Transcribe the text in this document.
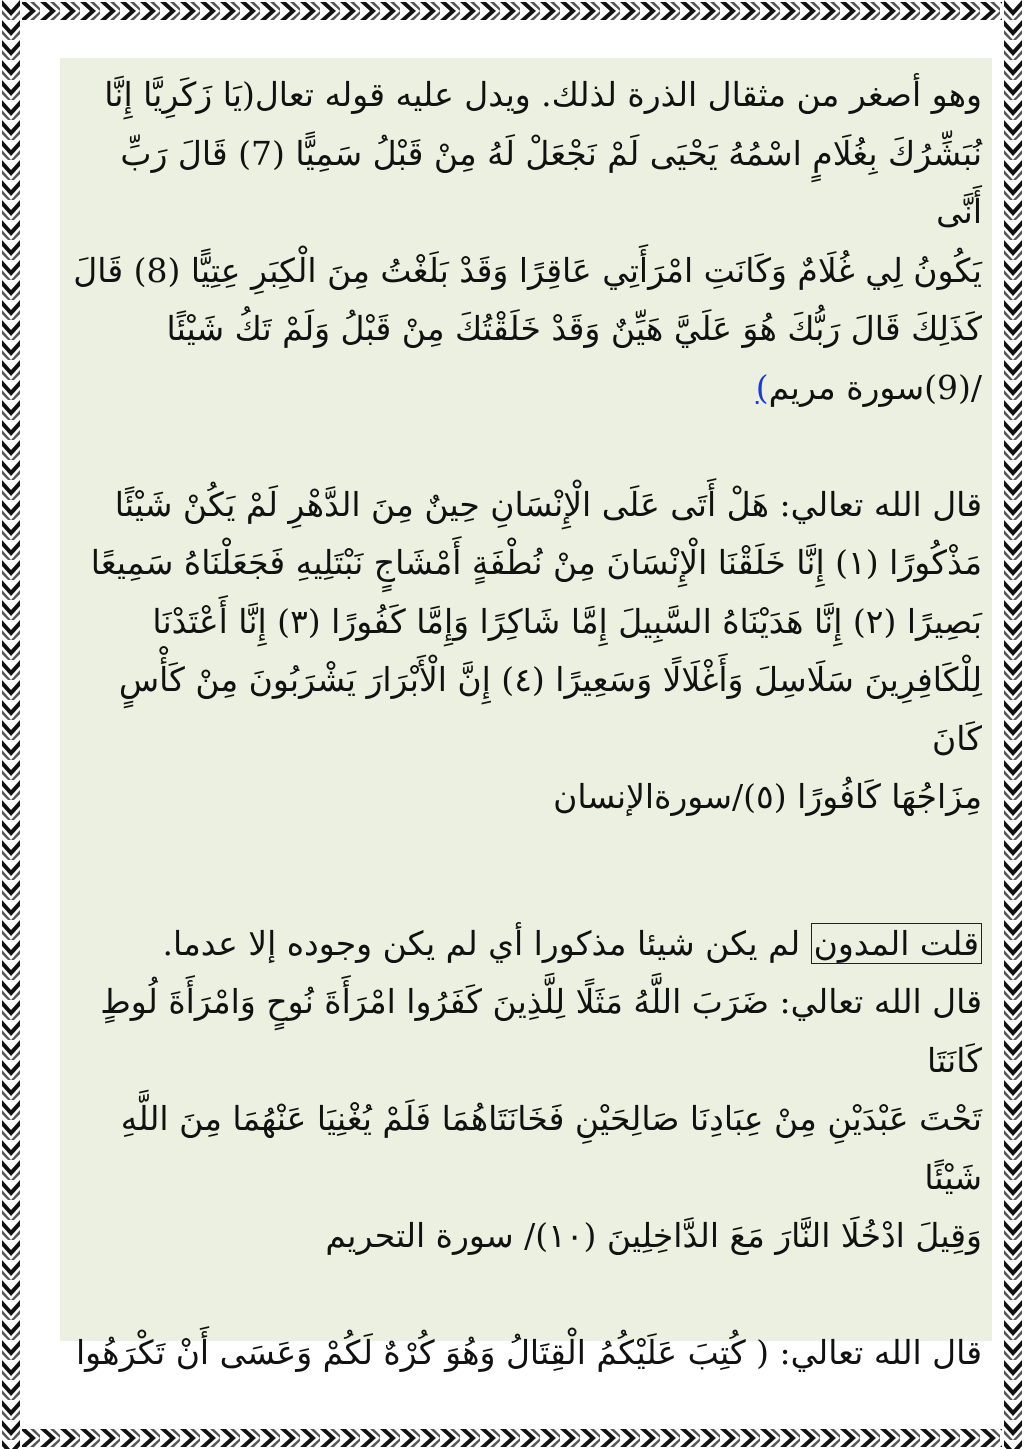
وهو أصغر من مثقال الذرة لذلك. ويدل عليه قوله تعال(يَا زَكَرِيَّا إِنَّا
نُبَشِّرُكَ بِغُلَامٍ اسْمُهُ يَحْيَى لَمْ نَجْعَلْ لَهُ مِنْ قَبْلُ سَمِيًّا (7) قَالَ رَبِّ أَنَّى
يَكُونُ لِي غُلَامٌ وَكَانَتِ امْرَأَتِي عَاقِرًا وَقَدْ بَلَغْتُ مِنَ الْكِبَرِ عِتِيًّا (8) قَالَ
كَذَلِكَ قَالَ رَبُّكَ هُوَ عَلَيَّ هَيِّنٌ وَقَدْ خَلَقْتُكَ مِنْ قَبْلُ وَلَمْ تَكُ شَيْئًا
/(9)سورة مريم)
قال الله تعالي: هَلْ أَتَى عَلَى الْإِنْسَانِ حِينٌ مِنَ الدَّهْرِ لَمْ يَكُنْ شَيْئًا
مَذْكُورًا (١) إِنَّا خَلَقْنَا الْإِنْسَانَ مِنْ نُطْفَةٍ أَمْشَاجٍ نَبْتَلِيهِ فَجَعَلْنَاهُ سَمِيعًا
بَصِيرًا (٢) إِنَّا هَدَيْنَاهُ السَّبِيلَ إِمَّا شَاكِرًا وَإِمَّا كَفُورًا (٣) إِنَّا أَعْتَدْنَا
لِلْكَافِرِينَ سَلَاسِلَ وَأَغْلَالًا وَسَعِيرًا (٤) إِنَّ الْأَبْرَارَ يَشْرَبُونَ مِنْ كَأْسٍ كَانَ
مِزَاجُهَا كَافُورًا (٥)/سورةالإنسان
قلت المدون لم يكن شيئا مذكورا أي لم يكن وجوده إلا عدما.
قال الله تعالي: ضَرَبَ اللَّهُ مَثَلًا لِلَّذِينَ كَفَرُوا امْرَأَةَ نُوحٍ وَامْرَأَةَ لُوطٍ كَانَتَا
تَحْتَ عَبْدَيْنِ مِنْ عِبَادِنَا صَالِحَيْنِ فَخَانَتَاهُمَا فَلَمْ يُغْنِيَا عَنْهُمَا مِنَ اللَّهِ شَيْئًا
وَقِيلَ ادْخُلَا النَّارَ مَعَ الدَّاخِلِينَ (١٠)/ سورة التحريم
قال الله تعالي: ( كُتِبَ عَلَيْكُمُ الْقِتَالُ وَهُوَ كُرْهٌ لَكُمْ وَعَسَى أَنْ تَكْرَهُوا
